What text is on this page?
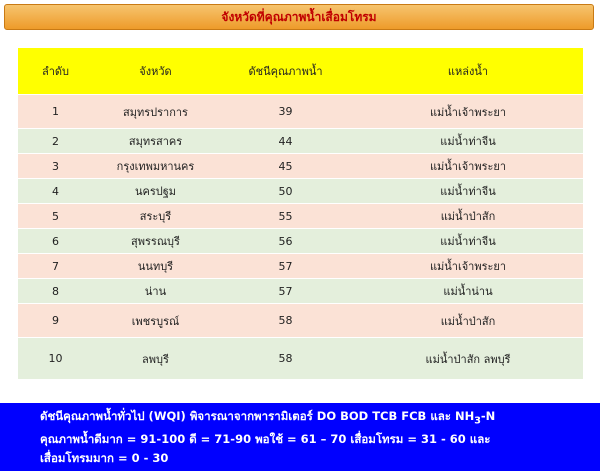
จังหวัดที่คุณภาพน้ำเสื่อมโทรม
ลำดับ	จังหวัด	ดัชนีคุณภาพน้ำ	แหล่งน้ำ
1	สมุทรปราการ	39	แม่น้ำเจ้าพระยา
2	สมุทรสาคร	44	แม่น้ำท่าจีน
3	กรุงเทพมหานคร	45	แม่น้ำเจ้าพระยา
4	นครปฐม	50	แม่น้ำท่าจีน
5	สระบุรี	55	แม่น้ำป่าสัก
6	สุพรรณบุรี	56	แม่น้ำท่าจีน
7	นนทบุรี	57	แม่น้ำเจ้าพระยา
8	น่าน	57	แม่น้ำน่าน
9	เพชรบูรณ์	58	แม่น้ำป่าสัก
10	ลพบุรี	58	แม่น้ำป่าสัก ลพบุรี
ดัชนีคุณภาพน้ำทั่วไป (WQI) พิจารณาจากพารามิเตอร์ DO BOD TCB FCB และ $NH_3-N$
คุณภาพน้ำดีมาก = 91-100 ดี = 71-90 พอใช้ = 61 – 70 เสื่อมโทรม = 31 - 60 และ
เสื่อมโทรมมาก = 0 - 30
